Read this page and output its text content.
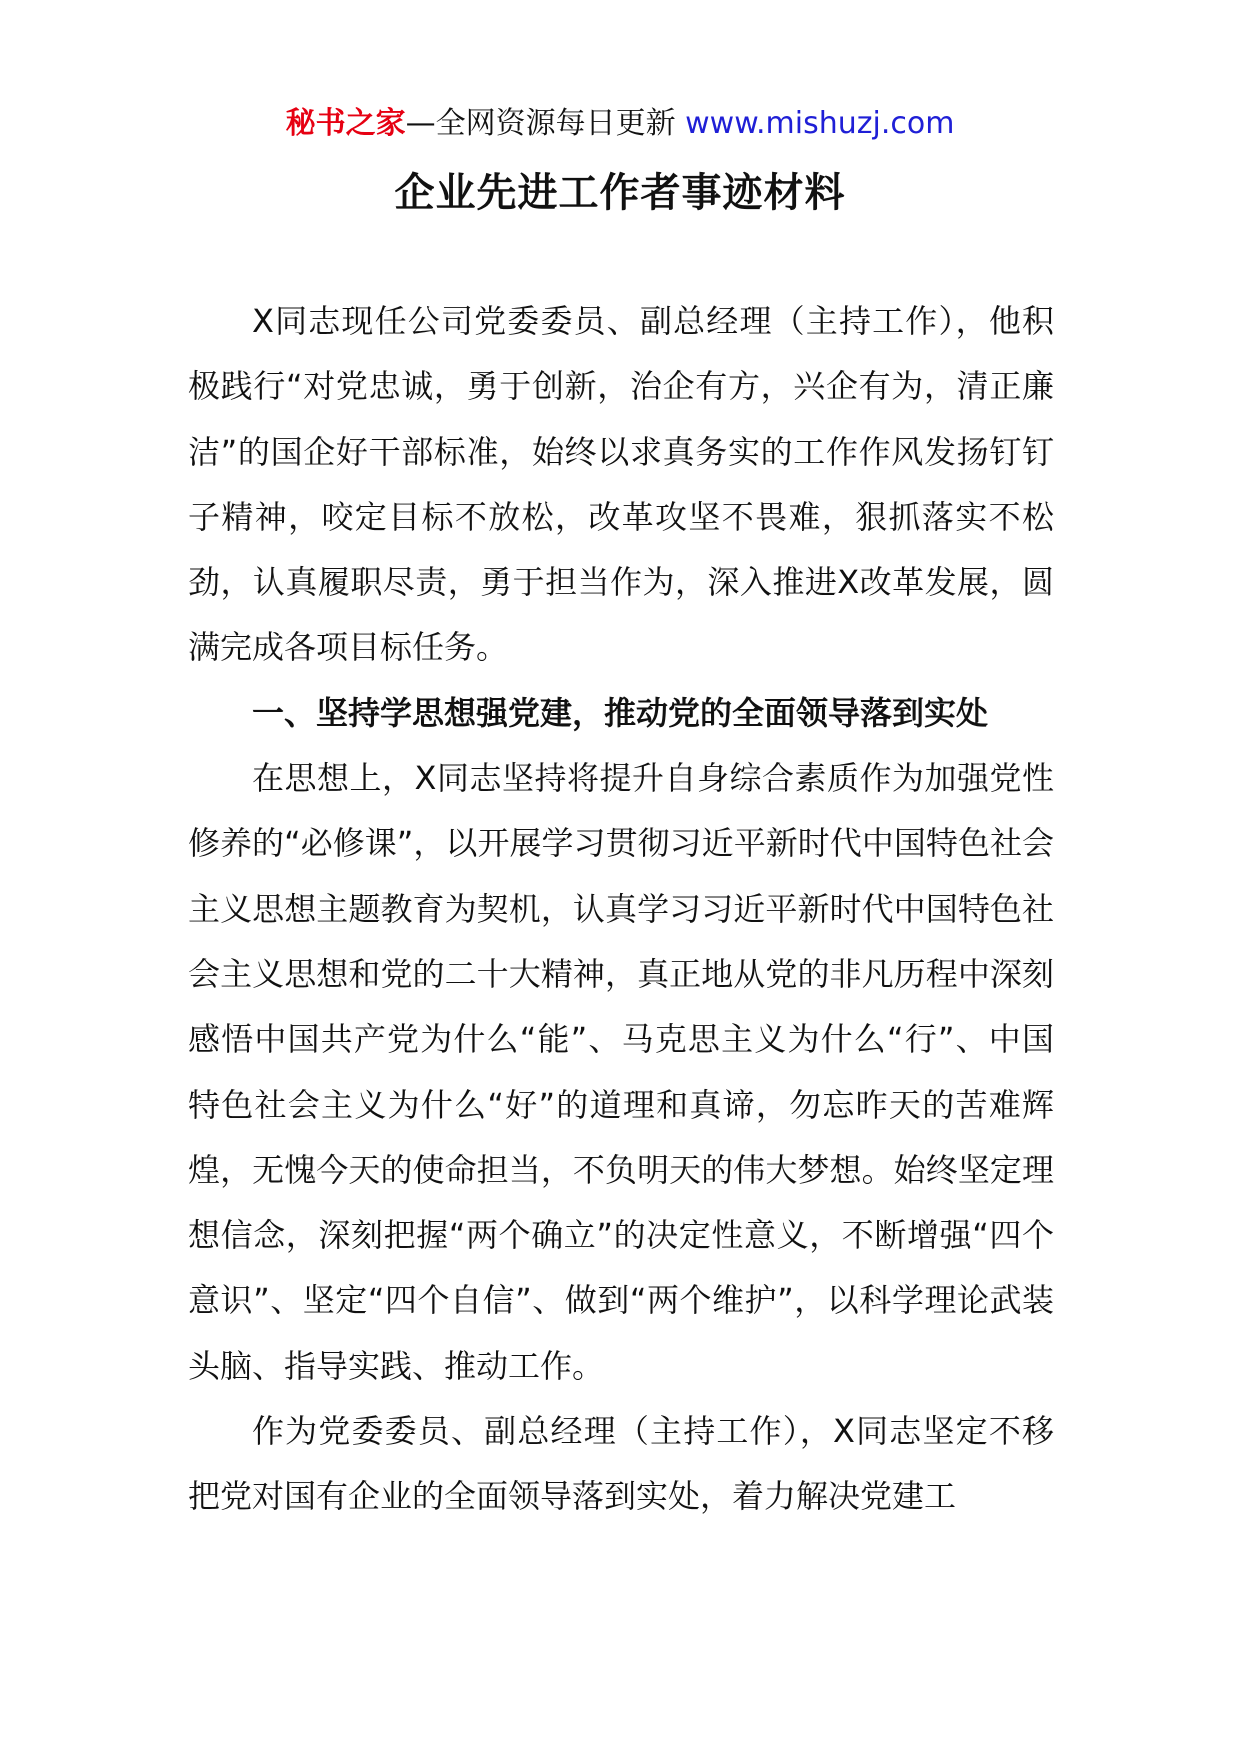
秘书之家—全网资源每日更新 www.mishuzj.com
企业先进工作者事迹材料

X同志现任公司党委委员、副总经理（主持工作），他积极践行“对党忠诚，勇于创新，治企有方，兴企有为，清正廉洁”的国企好干部标准，始终以求真务实的工作作风发扬钉钉子精神，咬定目标不放松，改革攻坚不畏难，狠抓落实不松劲，认真履职尽责，勇于担当作为，深入推进X改革发展，圆满完成各项目标任务。

一、坚持学思想强党建，推动党的全面领导落到实处

在思想上，X同志坚持将提升自身综合素质作为加强党性修养的“必修课”，以开展学习贯彻习近平新时代中国特色社会主义思想主题教育为契机，认真学习习近平新时代中国特色社会主义思想和党的二十大精神，真正地从党的非凡历程中深刻感悟中国共产党为什么“能”、马克思主义为什么“行”、中国特色社会主义为什么“好”的道理和真谛，勿忘昨天的苦难辉煌，无愧今天的使命担当，不负明天的伟大梦想。始终坚定理想信念，深刻把握“两个确立”的决定性意义，不断增强“四个意识”、坚定“四个自信”、做到“两个维护”，以科学理论武装头脑、指导实践、推动工作。

作为党委委员、副总经理（主持工作），X同志坚定不移把党对国有企业的全面领导落到实处，着力解决党建工
